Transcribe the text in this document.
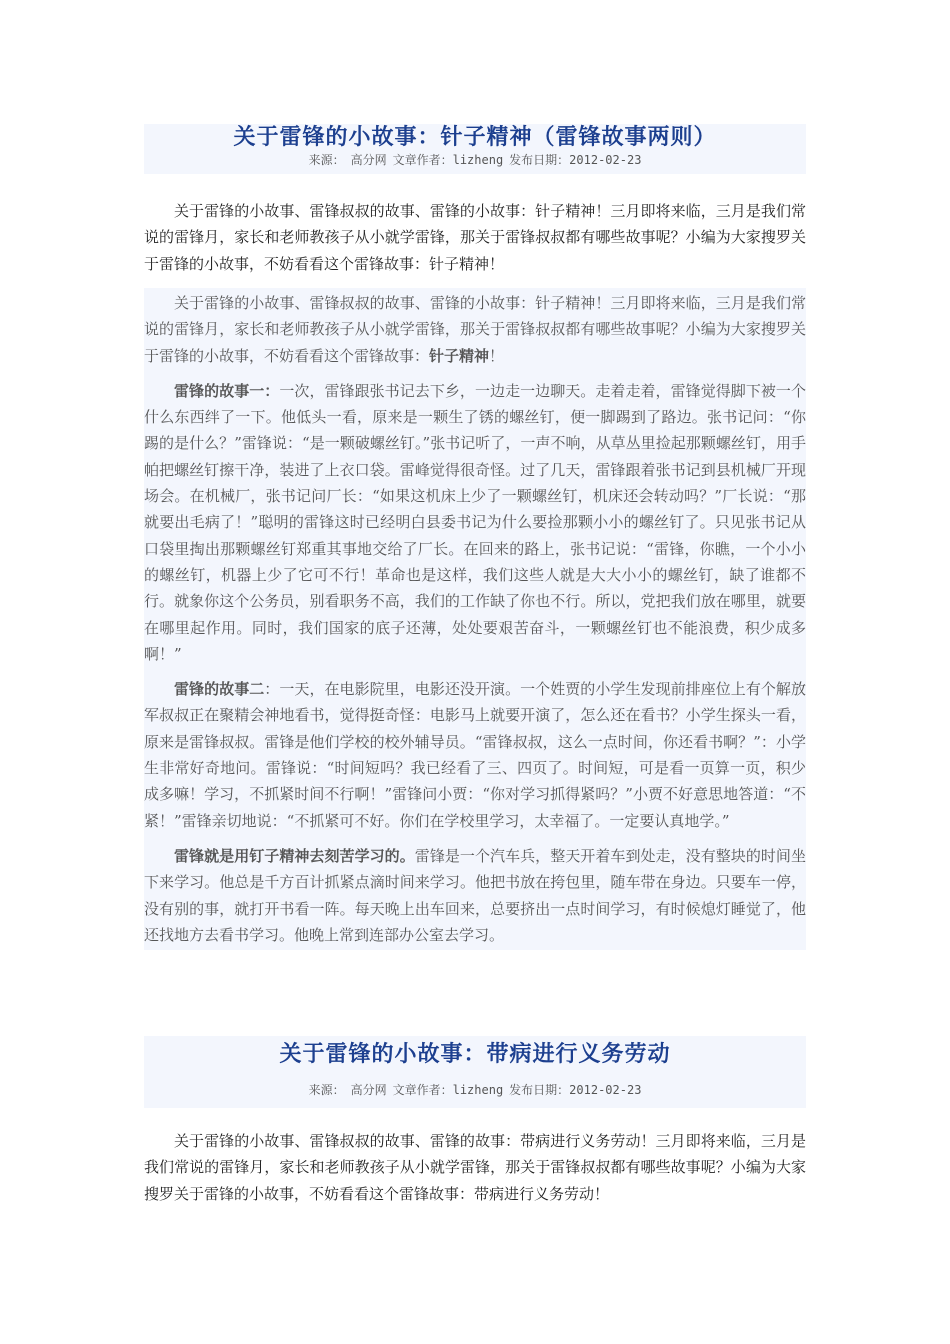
关于雷锋的小故事：针子精神（雷锋故事两则）
来源： 高分网 文章作者：lizheng 发布日期：2012-02-23

关于雷锋的小故事、雷锋叔叔的故事、雷锋的小故事：针子精神！三月即将来临，三月是我们常说的雷锋月，家长和老师教孩子从小就学雷锋，那关于雷锋叔叔都有哪些故事呢？小编为大家搜罗关于雷锋的小故事，不妨看看这个雷锋故事：针子精神！

关于雷锋的小故事、雷锋叔叔的故事、雷锋的小故事：针子精神！三月即将来临，三月是我们常说的雷锋月，家长和老师教孩子从小就学雷锋，那关于雷锋叔叔都有哪些故事呢？小编为大家搜罗关于雷锋的小故事，不妨看看这个雷锋故事：针子精神！

雷锋的故事一：一次，雷锋跟张书记去下乡，一边走一边聊天。走着走着，雷锋觉得脚下被一个什么东西绊了一下。他低头一看，原来是一颗生了锈的螺丝钉，便一脚踢到了路边。张书记问：“你踢的是什么？”雷锋说：“是一颗破螺丝钉。”张书记听了，一声不响，从草丛里捡起那颗螺丝钉，用手帕把螺丝钉擦干净，装进了上衣口袋。雷峰觉得很奇怪。过了几天，雷锋跟着张书记到县机械厂开现场会。在机械厂，张书记问厂长：“如果这机床上少了一颗螺丝钉，机床还会转动吗？”厂长说：“那就要出毛病了！”聪明的雷锋这时已经明白县委书记为什么要捡那颗小小的螺丝钉了。只见张书记从口袋里掏出那颗螺丝钉郑重其事地交给了厂长。在回来的路上，张书记说：“雷锋，你瞧，一个小小的螺丝钉，机器上少了它可不行！革命也是这样，我们这些人就是大大小小的螺丝钉，缺了谁都不行。就象你这个公务员，别看职务不高，我们的工作缺了你也不行。所以，党把我们放在哪里，就要在哪里起作用。同时，我们国家的底子还薄，处处要艰苦奋斗，一颗螺丝钉也不能浪费，积少成多啊！”

雷锋的故事二：一天，在电影院里，电影还没开演。一个姓贾的小学生发现前排座位上有个解放军叔叔正在聚精会神地看书，觉得挺奇怪：电影马上就要开演了，怎么还在看书？小学生探头一看，原来是雷锋叔叔。雷锋是他们学校的校外辅导员。“雷锋叔叔，这么一点时间，你还看书啊？”：小学生非常好奇地问。雷锋说：“时间短吗？我已经看了三、四页了。时间短，可是看一页算一页，积少成多嘛！学习，不抓紧时间不行啊！”雷锋问小贾：“你对学习抓得紧吗？”小贾不好意思地答道：“不紧！”雷锋亲切地说：“不抓紧可不好。你们在学校里学习，太幸福了。一定要认真地学。”

雷锋就是用钉子精神去刻苦学习的。雷锋是一个汽车兵，整天开着车到处走，没有整块的时间坐下来学习。他总是千方百计抓紧点滴时间来学习。他把书放在挎包里，随车带在身边。只要车一停，没有别的事，就打开书看一阵。每天晚上出车回来，总要挤出一点时间学习，有时候熄灯睡觉了，他还找地方去看书学习。他晚上常到连部办公室去学习。

关于雷锋的小故事：带病进行义务劳动
来源： 高分网 文章作者：lizheng 发布日期：2012-02-23

关于雷锋的小故事、雷锋叔叔的故事、雷锋的故事：带病进行义务劳动！三月即将来临，三月是我们常说的雷锋月，家长和老师教孩子从小就学雷锋，那关于雷锋叔叔都有哪些故事呢？小编为大家搜罗关于雷锋的小故事，不妨看看这个雷锋故事：带病进行义务劳动！
